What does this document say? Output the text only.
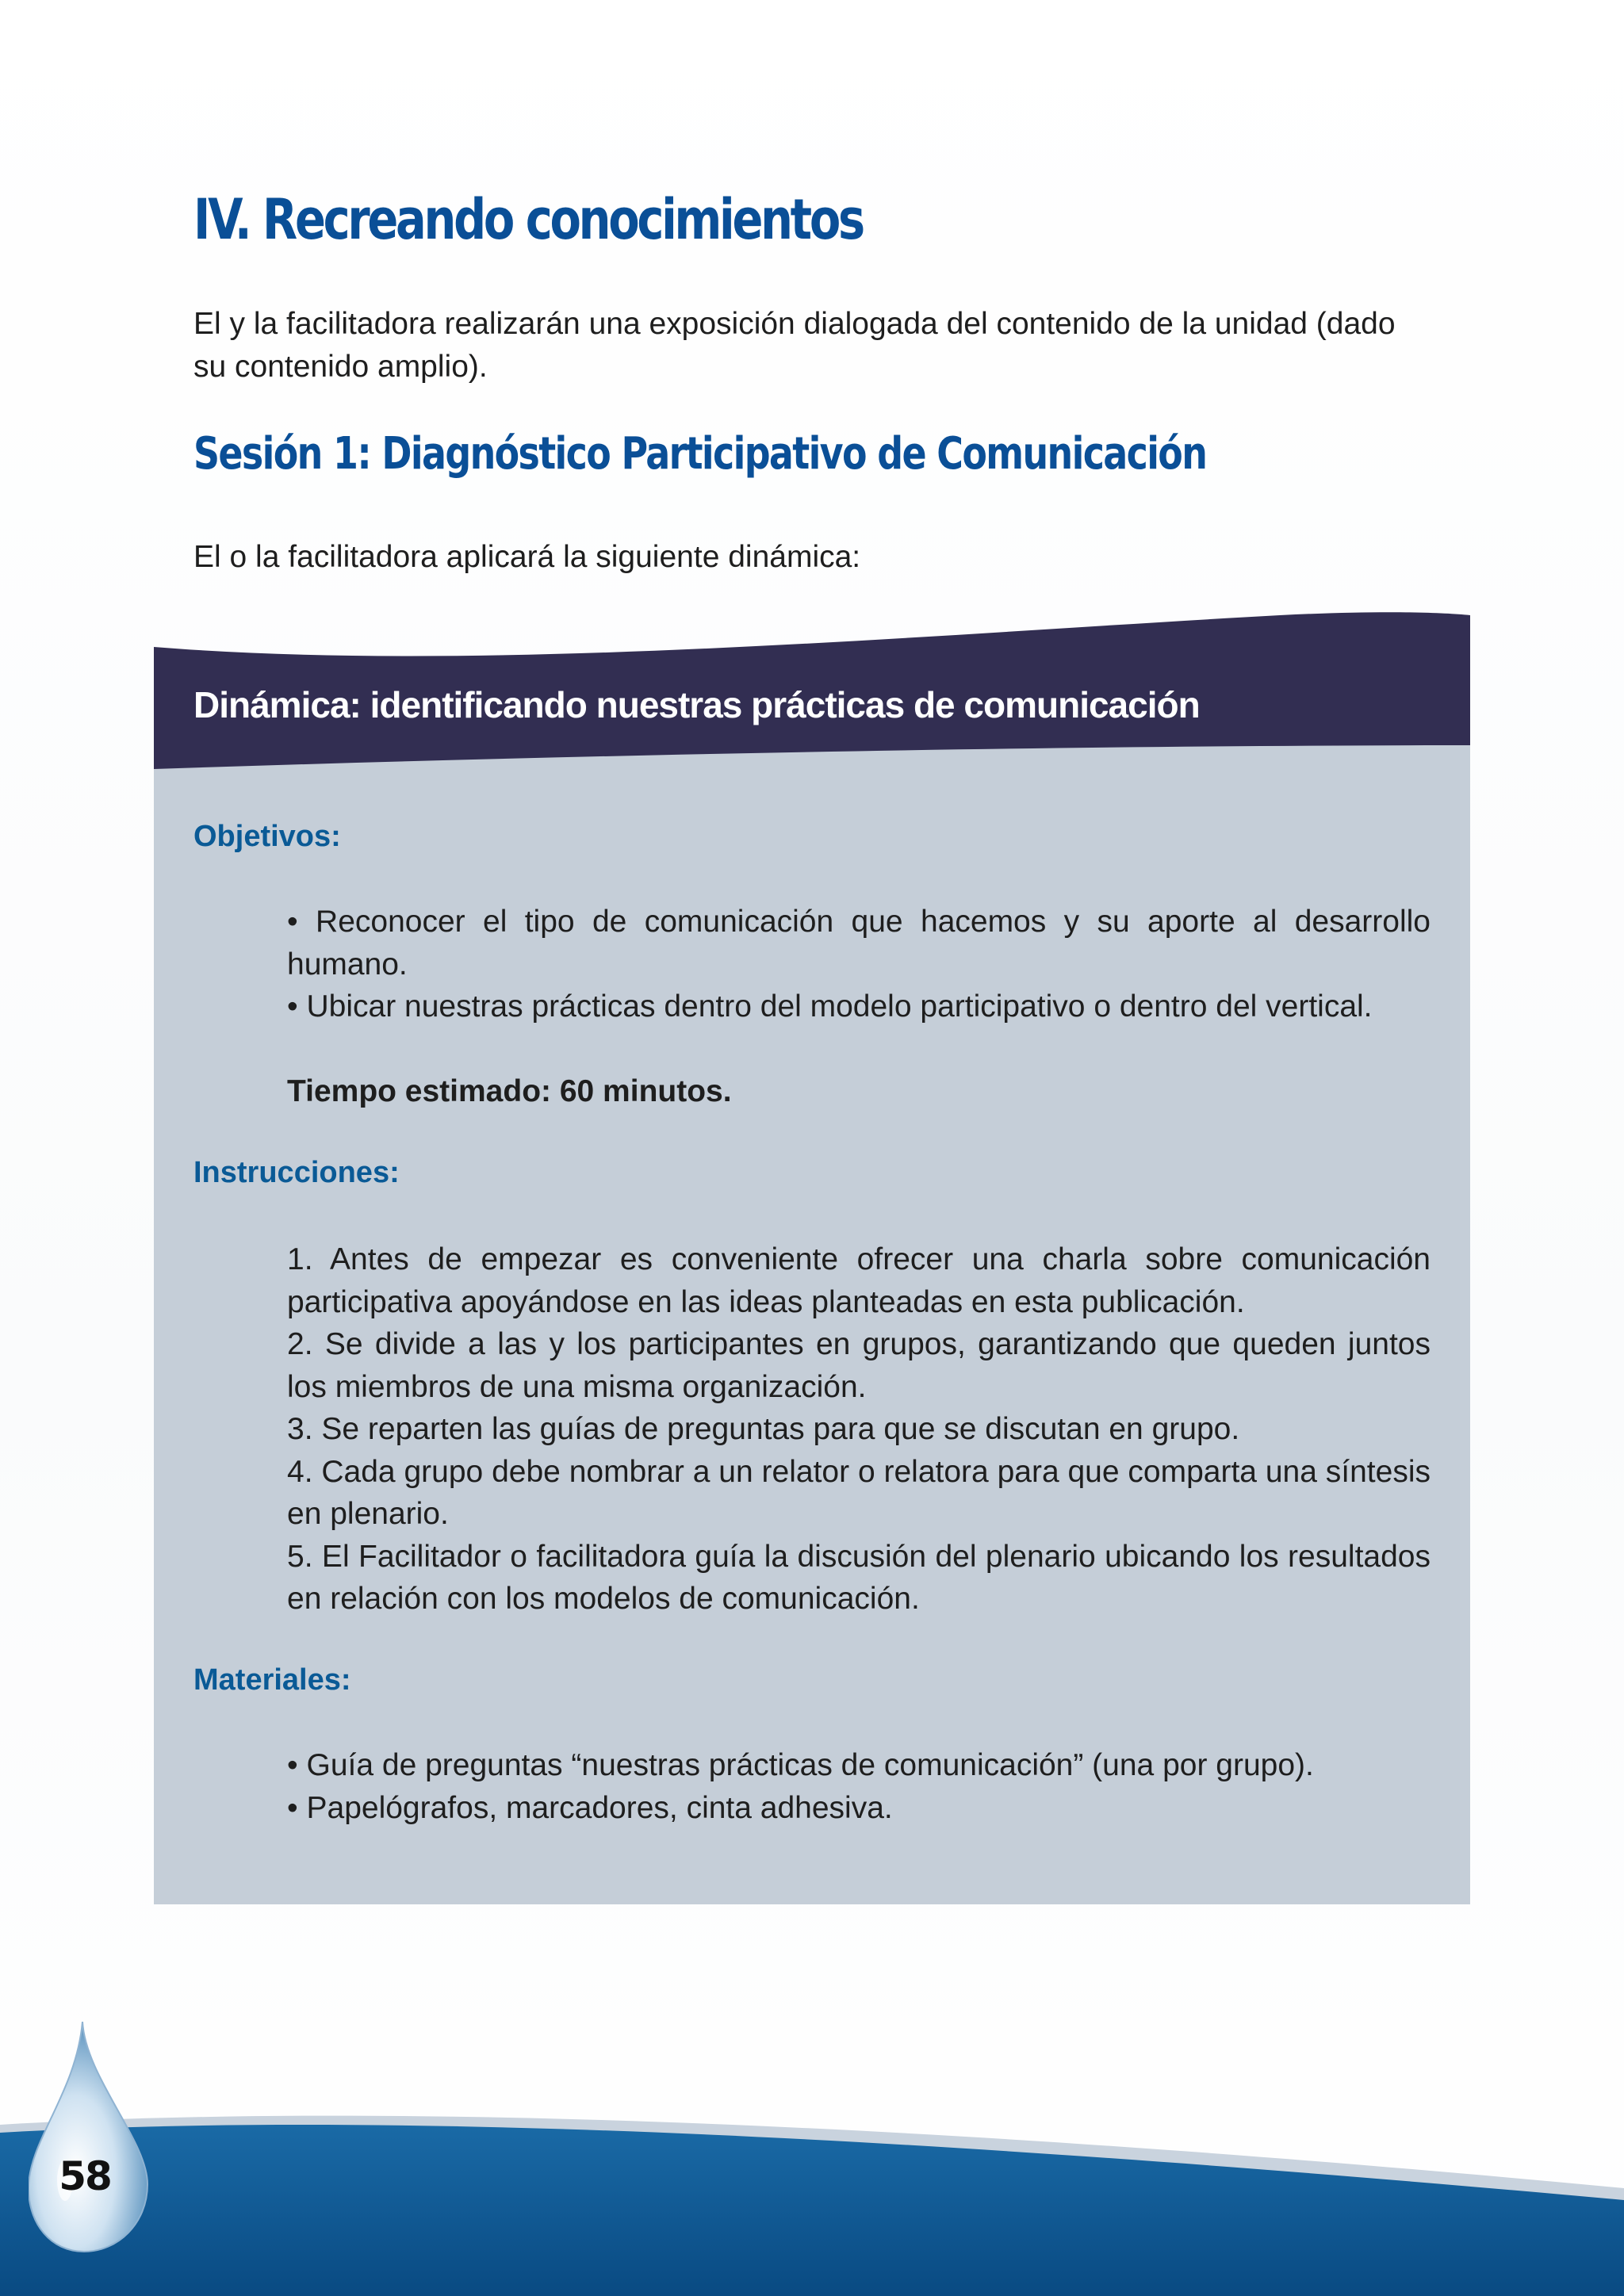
IV. Recreando conocimientos

El y la facilitadora realizarán una exposición dialogada del contenido de la unidad (dado su contenido amplio).

Sesión 1: Diagnóstico Participativo de Comunicación

El o la facilitadora aplicará la siguiente dinámica:

Dinámica: identificando nuestras prácticas de comunicación

Objetivos:

• Reconocer el tipo de comunicación que hacemos y su aporte al desarrollo humano.

• Ubicar nuestras prácticas dentro del modelo participativo o dentro del vertical.

Tiempo estimado: 60 minutos.

Instrucciones:

1. Antes de empezar es conveniente ofrecer una charla sobre comunicación participativa apoyándose en las ideas planteadas en esta publicación.

2. Se divide a las y los participantes en grupos, garantizando que queden juntos los miembros de una misma organización.

3. Se reparten las guías de preguntas para que se discutan en grupo.

4. Cada grupo debe nombrar a un relator o relatora para que comparta una síntesis en plenario.

5. El Facilitador o facilitadora guía la discusión del plenario ubicando los resultados en relación con los modelos de comunicación.

Materiales:

• Guía de preguntas “nuestras prácticas de comunicación” (una por grupo).

• Papelógrafos, marcadores, cinta adhesiva.

58
